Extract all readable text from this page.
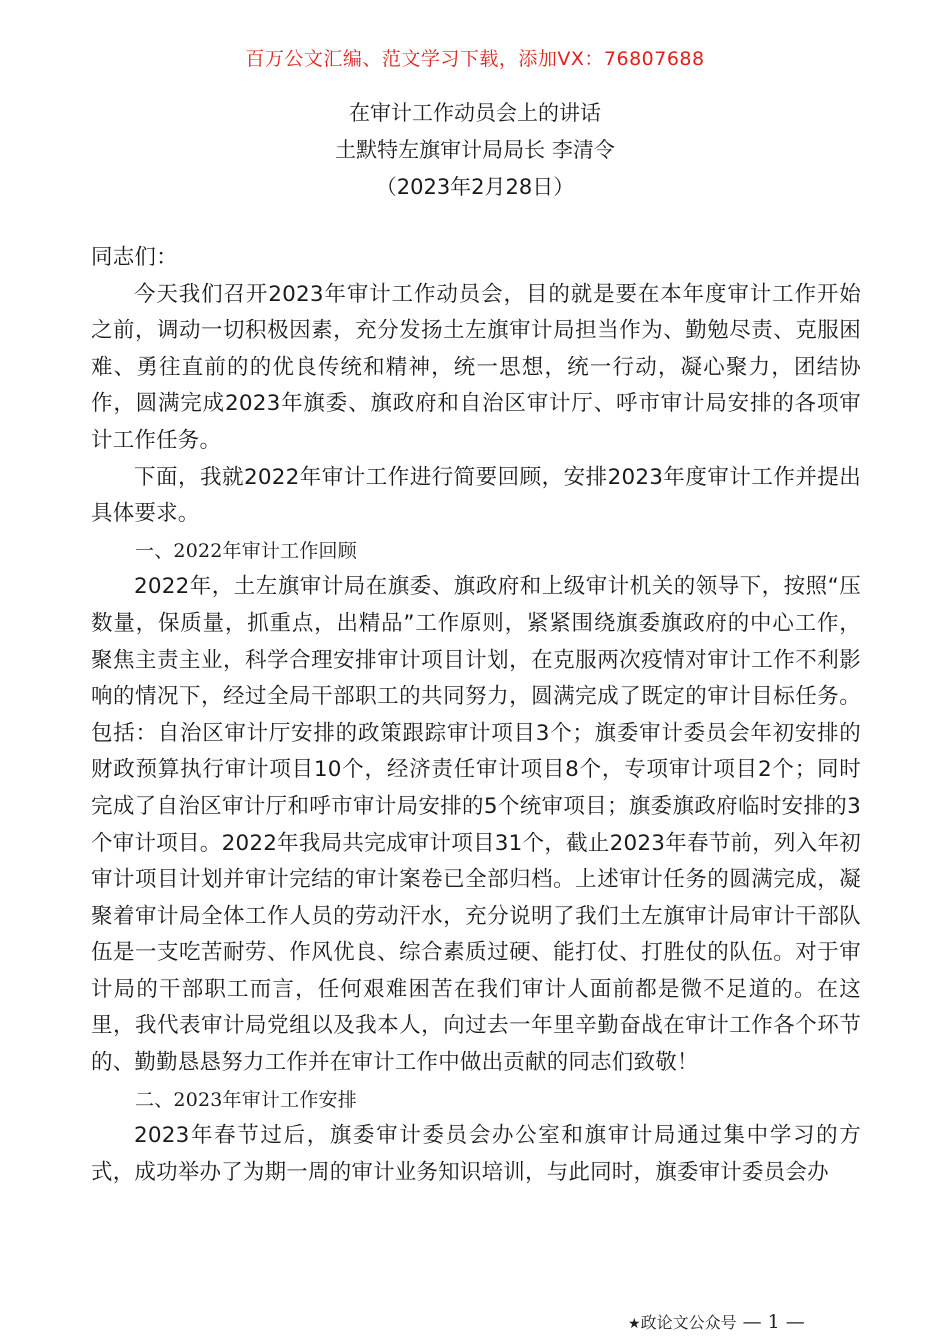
百万公文汇编、范文学习下载，添加VX：76807688
在审计工作动员会上的讲话
土默特左旗审计局局长 李清令
（2023年2月28日）

同志们：

今天我们召开2023年审计工作动员会，目的就是要在本年度审计工作开始之前，调动一切积极因素，充分发扬土左旗审计局担当作为、勤勉尽责、克服困难、勇往直前的的优良传统和精神，统一思想，统一行动，凝心聚力，团结协作，圆满完成2023年旗委、旗政府和自治区审计厅、呼市审计局安排的各项审计工作任务。

下面，我就2022年审计工作进行简要回顾，安排2023年度审计工作并提出具体要求。

一、2022年审计工作回顾

2022年，土左旗审计局在旗委、旗政府和上级审计机关的领导下，按照“压数量，保质量，抓重点，出精品”工作原则，紧紧围绕旗委旗政府的中心工作，聚焦主责主业，科学合理安排审计项目计划，在克服两次疫情对审计工作不利影响的情况下，经过全局干部职工的共同努力，圆满完成了既定的审计目标任务。包括：自治区审计厅安排的政策跟踪审计项目3个；旗委审计委员会年初安排的财政预算执行审计项目10个，经济责任审计项目8个，专项审计项目2个；同时完成了自治区审计厅和呼市审计局安排的5个统审项目；旗委旗政府临时安排的3个审计项目。2022年我局共完成审计项目31个，截止2023年春节前，列入年初审计项目计划并审计完结的审计案卷已全部归档。上述审计任务的圆满完成，凝聚着审计局全体工作人员的劳动汗水，充分说明了我们土左旗审计局审计干部队伍是一支吃苦耐劳、作风优良、综合素质过硬、能打仗、打胜仗的队伍。对于审计局的干部职工而言，任何艰难困苦在我们审计人面前都是微不足道的。在这里，我代表审计局党组以及我本人，向过去一年里辛勤奋战在审计工作各个环节的、勤勤恳恳努力工作并在审计工作中做出贡献的同志们致敬！

二、2023年审计工作安排

2023年春节过后，旗委审计委员会办公室和旗审计局通过集中学习的方式，成功举办了为期一周的审计业务知识培训，与此同时，旗委审计委员会办

★政论文公众号 — 1 —
